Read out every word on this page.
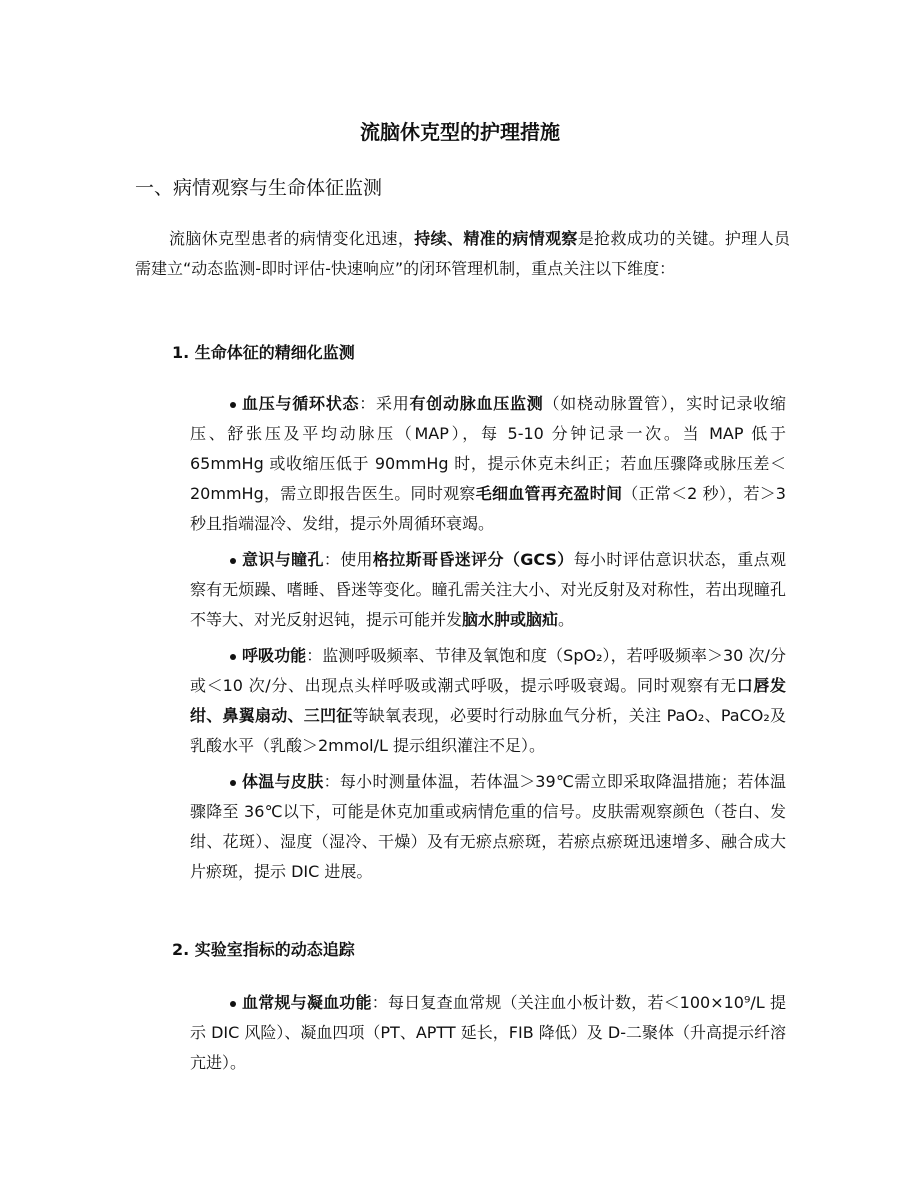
流脑休克型的护理措施
一、病情观察与生命体征监测

流脑休克型患者的病情变化迅速，持续、精准的病情观察是抢救成功的关键。护理人员需建立“动态监测-即时评估-快速响应”的闭环管理机制，重点关注以下维度：

1. 生命体征的精细化监测
血压与循环状态：采用有创动脉血压监测（如桡动脉置管），实时记录收缩压、舒张压及平均动脉压（MAP），每 5-10 分钟记录一次。当 MAP 低于 65mmHg 或收缩压低于 90mmHg 时，提示休克未纠正；若血压骤降或脉压差＜20mmHg，需立即报告医生。同时观察毛细血管再充盈时间（正常＜2 秒），若＞3 秒且指端湿冷、发绀，提示外周循环衰竭。
意识与瞳孔：使用格拉斯哥昏迷评分（GCS）每小时评估意识状态，重点观察有无烦躁、嗜睡、昏迷等变化。瞳孔需关注大小、对光反射及对称性，若出现瞳孔不等大、对光反射迟钝，提示可能并发脑水肿或脑疝。
呼吸功能：监测呼吸频率、节律及氧饱和度（SpO₂），若呼吸频率＞30 次/分或＜10 次/分、出现点头样呼吸或潮式呼吸，提示呼吸衰竭。同时观察有无口唇发绀、鼻翼扇动、三凹征等缺氧表现，必要时行动脉血气分析，关注 PaO₂、PaCO₂及乳酸水平（乳酸＞2mmol/L 提示组织灌注不足）。
体温与皮肤：每小时测量体温，若体温＞39℃需立即采取降温措施；若体温骤降至 36℃以下，可能是休克加重或病情危重的信号。皮肤需观察颜色（苍白、发绀、花斑）、湿度（湿冷、干燥）及有无瘀点瘀斑，若瘀点瘀斑迅速增多、融合成大片瘀斑，提示 DIC 进展。
2. 实验室指标的动态追踪
血常规与凝血功能：每日复查血常规（关注血小板计数，若＜100×10⁹/L 提示 DIC 风险）、凝血四项（PT、APTT 延长，FIB 降低）及 D-二聚体（升高提示纤溶亢进）。
